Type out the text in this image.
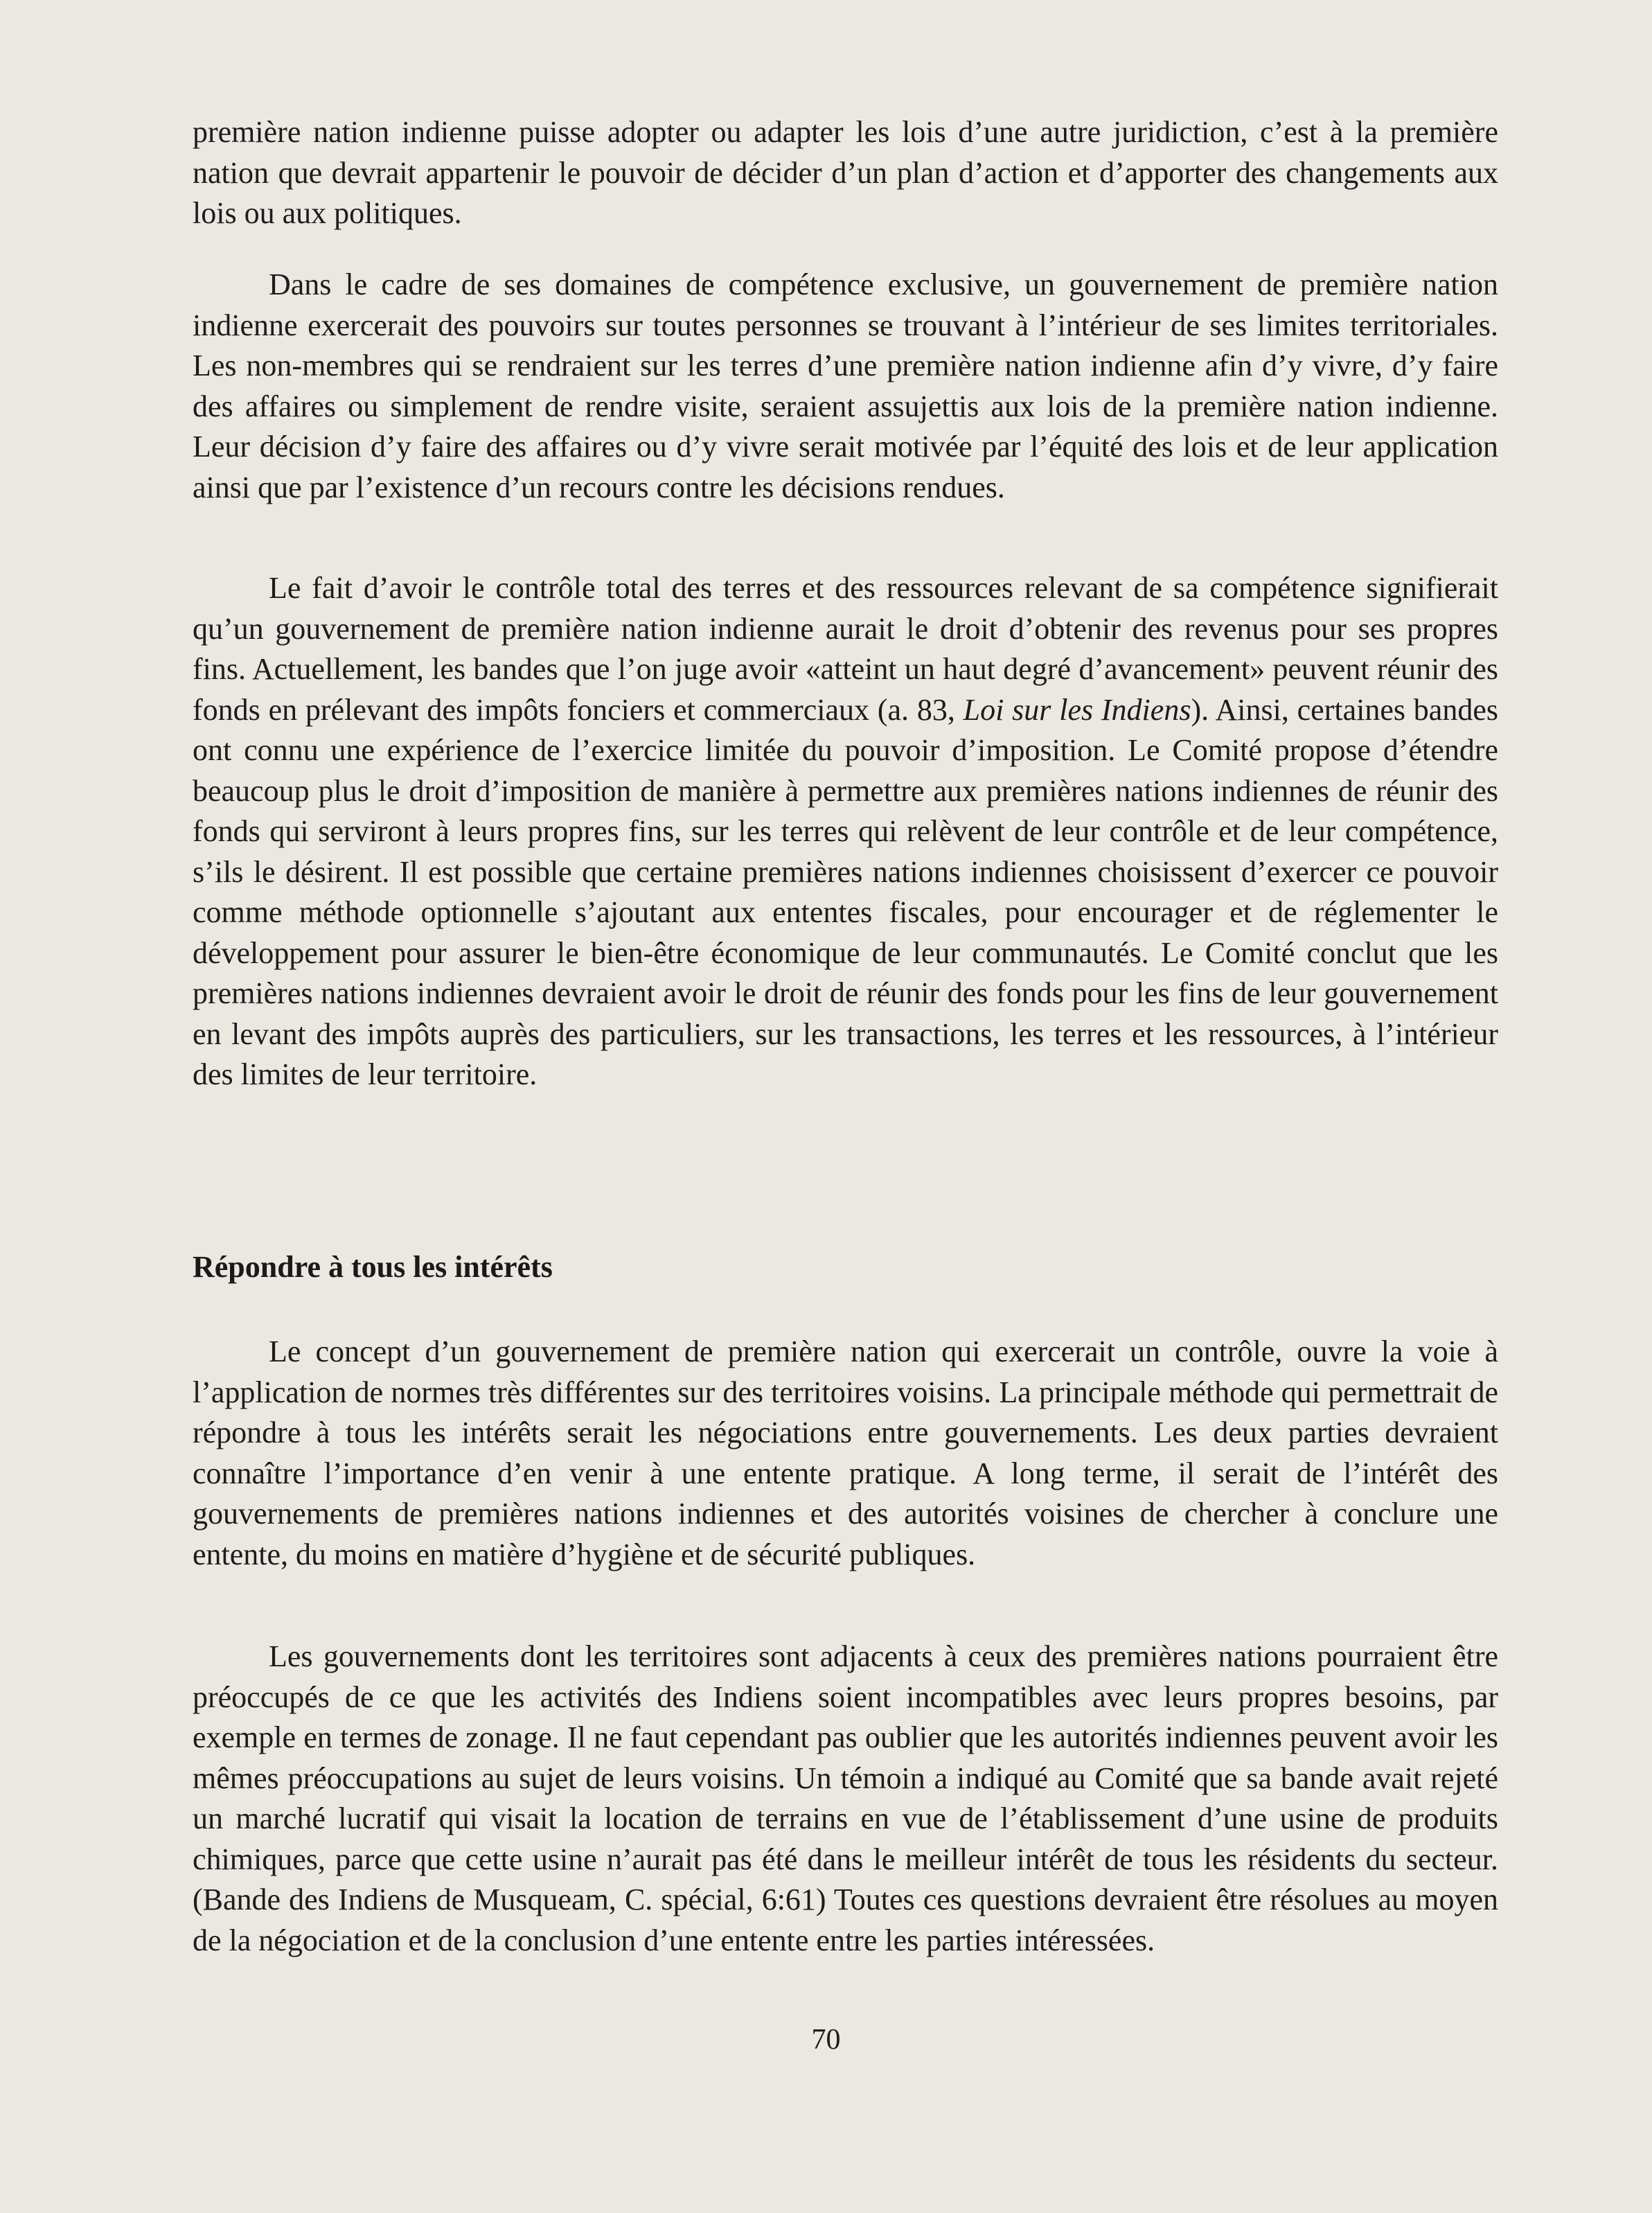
première nation indienne puisse adopter ou adapter les lois d’une autre juridiction, c’est à la première nation que devrait appartenir le pouvoir de décider d’un plan d’action et d’apporter des changements aux lois ou aux politiques.

Dans le cadre de ses domaines de compétence exclusive, un gouvernement de première nation indienne exercerait des pouvoirs sur toutes personnes se trouvant à l’intérieur de ses limites territoriales. Les non-membres qui se rendraient sur les terres d’une première nation indienne afin d’y vivre, d’y faire des affaires ou simplement de rendre visite, seraient assujettis aux lois de la première nation indienne. Leur décision d’y faire des affaires ou d’y vivre serait motivée par l’équité des lois et de leur application ainsi que par l’existence d’un recours contre les décisions rendues.

Le fait d’avoir le contrôle total des terres et des ressources relevant de sa compétence signifierait qu’un gouvernement de première nation indienne aurait le droit d’obtenir des revenus pour ses propres fins. Actuellement, les bandes que l’on juge avoir «atteint un haut degré d’avancement» peuvent réunir des fonds en prélevant des impôts fonciers et commerciaux (a. 83, Loi sur les Indiens). Ainsi, certaines bandes ont connu une expérience de l’exercice limitée du pouvoir d’imposition. Le Comité propose d’étendre beaucoup plus le droit d’imposition de manière à permettre aux premières nations indiennes de réunir des fonds qui serviront à leurs propres fins, sur les terres qui relèvent de leur contrôle et de leur compétence, s’ils le désirent. Il est possible que certaine premières nations indiennes choisissent d’exercer ce pouvoir comme méthode optionnelle s’ajoutant aux ententes fiscales, pour encourager et de réglementer le développement pour assurer le bien-être économique de leur communautés. Le Comité conclut que les premières nations indiennes devraient avoir le droit de réunir des fonds pour les fins de leur gouvernement en levant des impôts auprès des particuliers, sur les transactions, les terres et les ressources, à l’intérieur des limites de leur territoire.

Répondre à tous les intérêts

Le concept d’un gouvernement de première nation qui exercerait un contrôle, ouvre la voie à l’application de normes très différentes sur des territoires voisins. La principale méthode qui permettrait de répondre à tous les intérêts serait les négociations entre gouvernements. Les deux parties devraient connaître l’importance d’en venir à une entente pratique. A long terme, il serait de l’intérêt des gouvernements de premières nations indiennes et des autorités voisines de chercher à conclure une entente, du moins en matière d’hygiène et de sécurité publiques.

Les gouvernements dont les territoires sont adjacents à ceux des premières nations pourraient être préoccupés de ce que les activités des Indiens soient incompatibles avec leurs propres besoins, par exemple en termes de zonage. Il ne faut cependant pas oublier que les autorités indiennes peuvent avoir les mêmes préoccupations au sujet de leurs voisins. Un témoin a indiqué au Comité que sa bande avait rejeté un marché lucratif qui visait la location de terrains en vue de l’établissement d’une usine de produits chimiques, parce que cette usine n’aurait pas été dans le meilleur intérêt de tous les résidents du secteur. (Bande des Indiens de Musqueam, C. spécial, 6:61) Toutes ces questions devraient être résolues au moyen de la négociation et de la conclusion d’une entente entre les parties intéressées.

70
